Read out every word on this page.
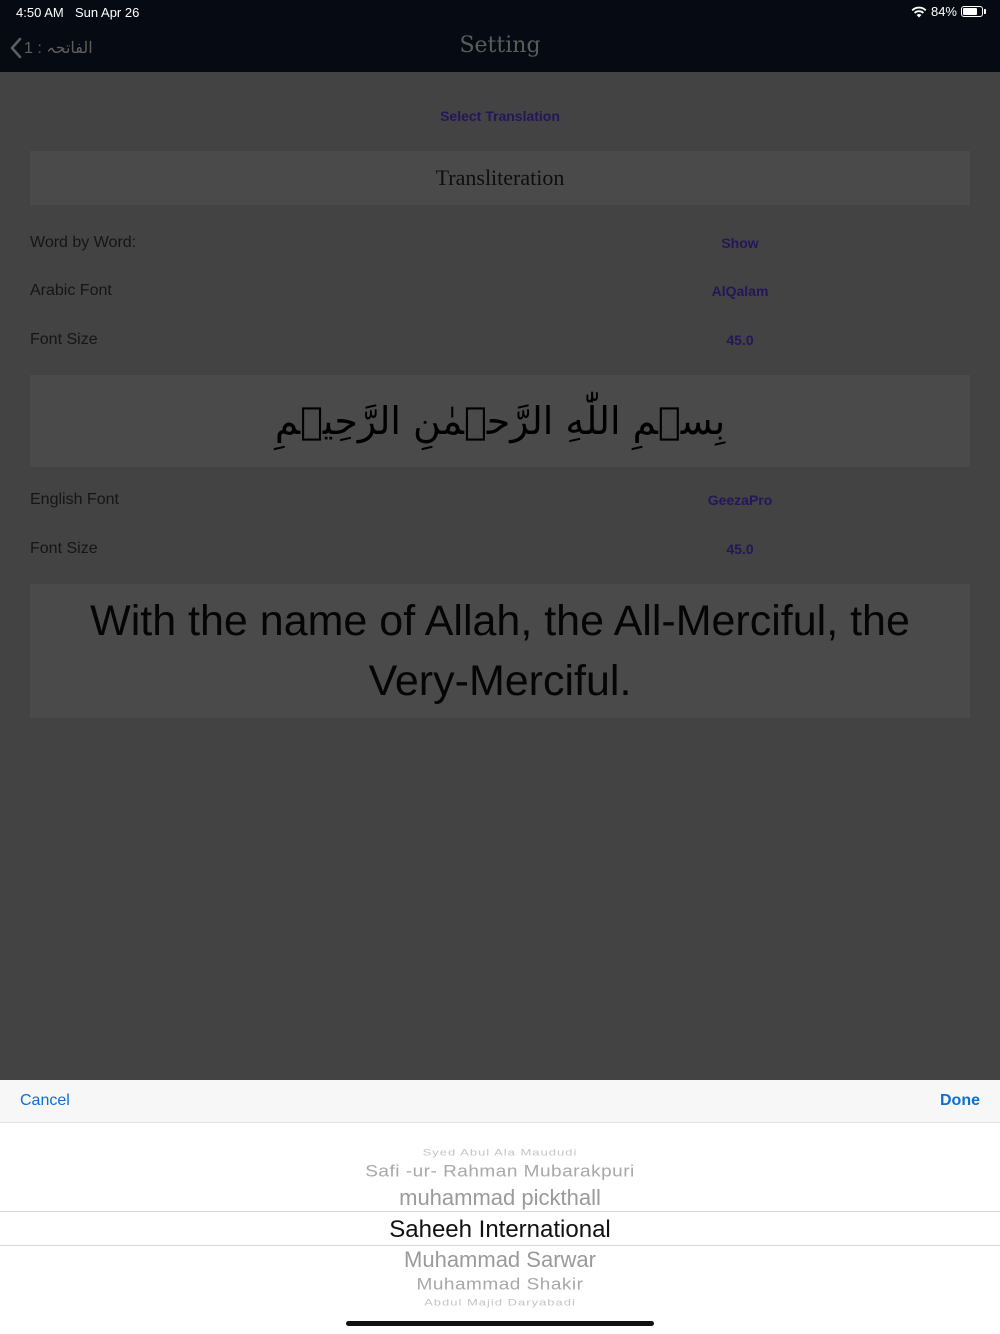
4:50 AM Sun Apr 26	84%
الفاتحہ : 1	Setting
Select Translation
Transliteration
Word by Word:	Show
Arabic Font	AlQalam
Font Size	45.0
بِسۡمِ اللّٰهِ الرَّحۡمٰنِ الرَّحِيۡمِ
English Font	GeezaPro
Font Size	45.0
With the name of Allah, the All-Merciful, the Very-Merciful.
Cancel	Done
Syed Abul Ala Maududi
Safi -ur- Rahman Mubarakpuri
muhammad pickthall
Saheeh International
Muhammad Sarwar
Muhammad Shakir
Abdul Majid Daryabadi
